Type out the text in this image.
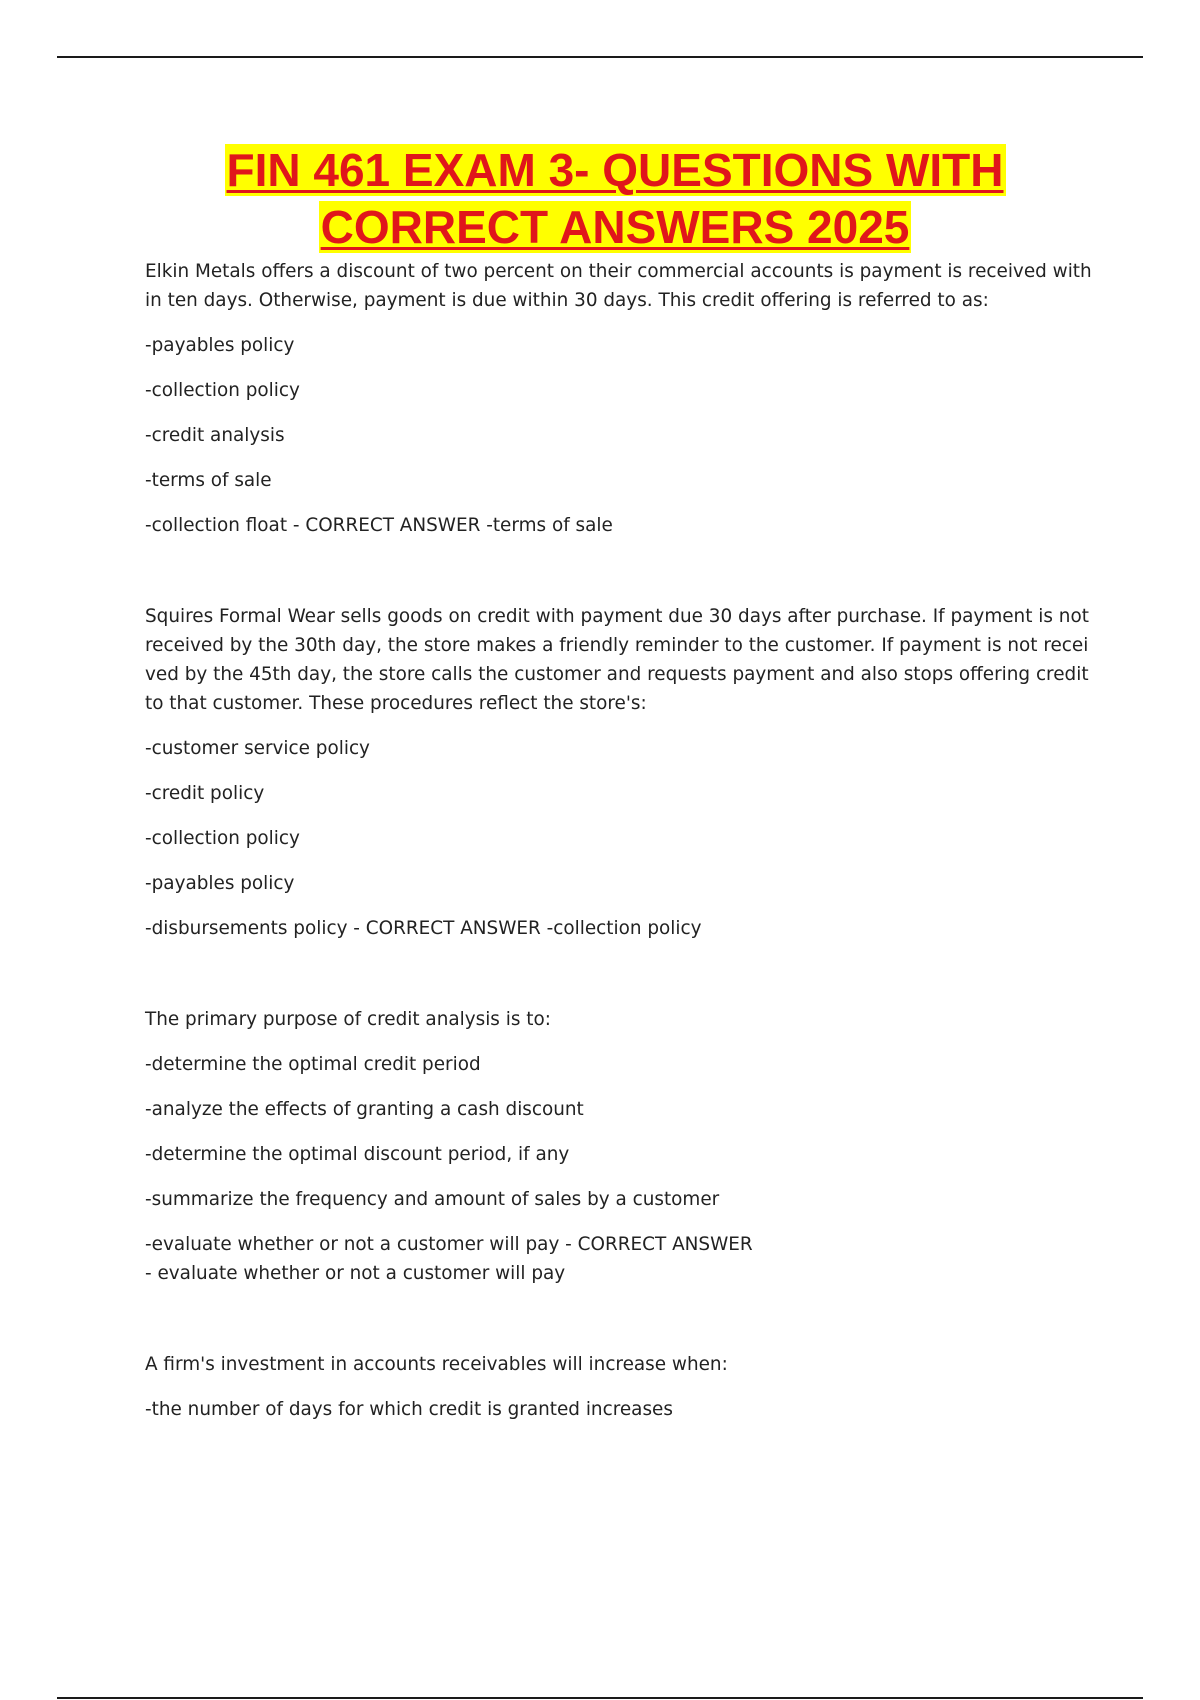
FIN 461 EXAM 3- QUESTIONS WITH
CORRECT ANSWERS 2025

Elkin Metals offers a discount of two percent on their commercial accounts is payment is received within ten days. Otherwise, payment is due within 30 days. This credit offering is referred to as:

-payables policy

-collection policy

-credit analysis

-terms of sale

-collection float - CORRECT ANSWER -terms of sale

Squires Formal Wear sells goods on credit with payment due 30 days after purchase. If payment is not received by the 30th day, the store makes a friendly reminder to the customer. If payment is not received by the 45th day, the store calls the customer and requests payment and also stops offering credit to that customer. These procedures reflect the store's:

-customer service policy

-credit policy

-collection policy

-payables policy

-disbursements policy - CORRECT ANSWER -collection policy

The primary purpose of credit analysis is to:

-determine the optimal credit period

-analyze the effects of granting a cash discount

-determine the optimal discount period, if any

-summarize the frequency and amount of sales by a customer

-evaluate whether or not a customer will pay - CORRECT ANSWER - evaluate whether or not a customer will pay

A firm's investment in accounts receivables will increase when:

-the number of days for which credit is granted increases
